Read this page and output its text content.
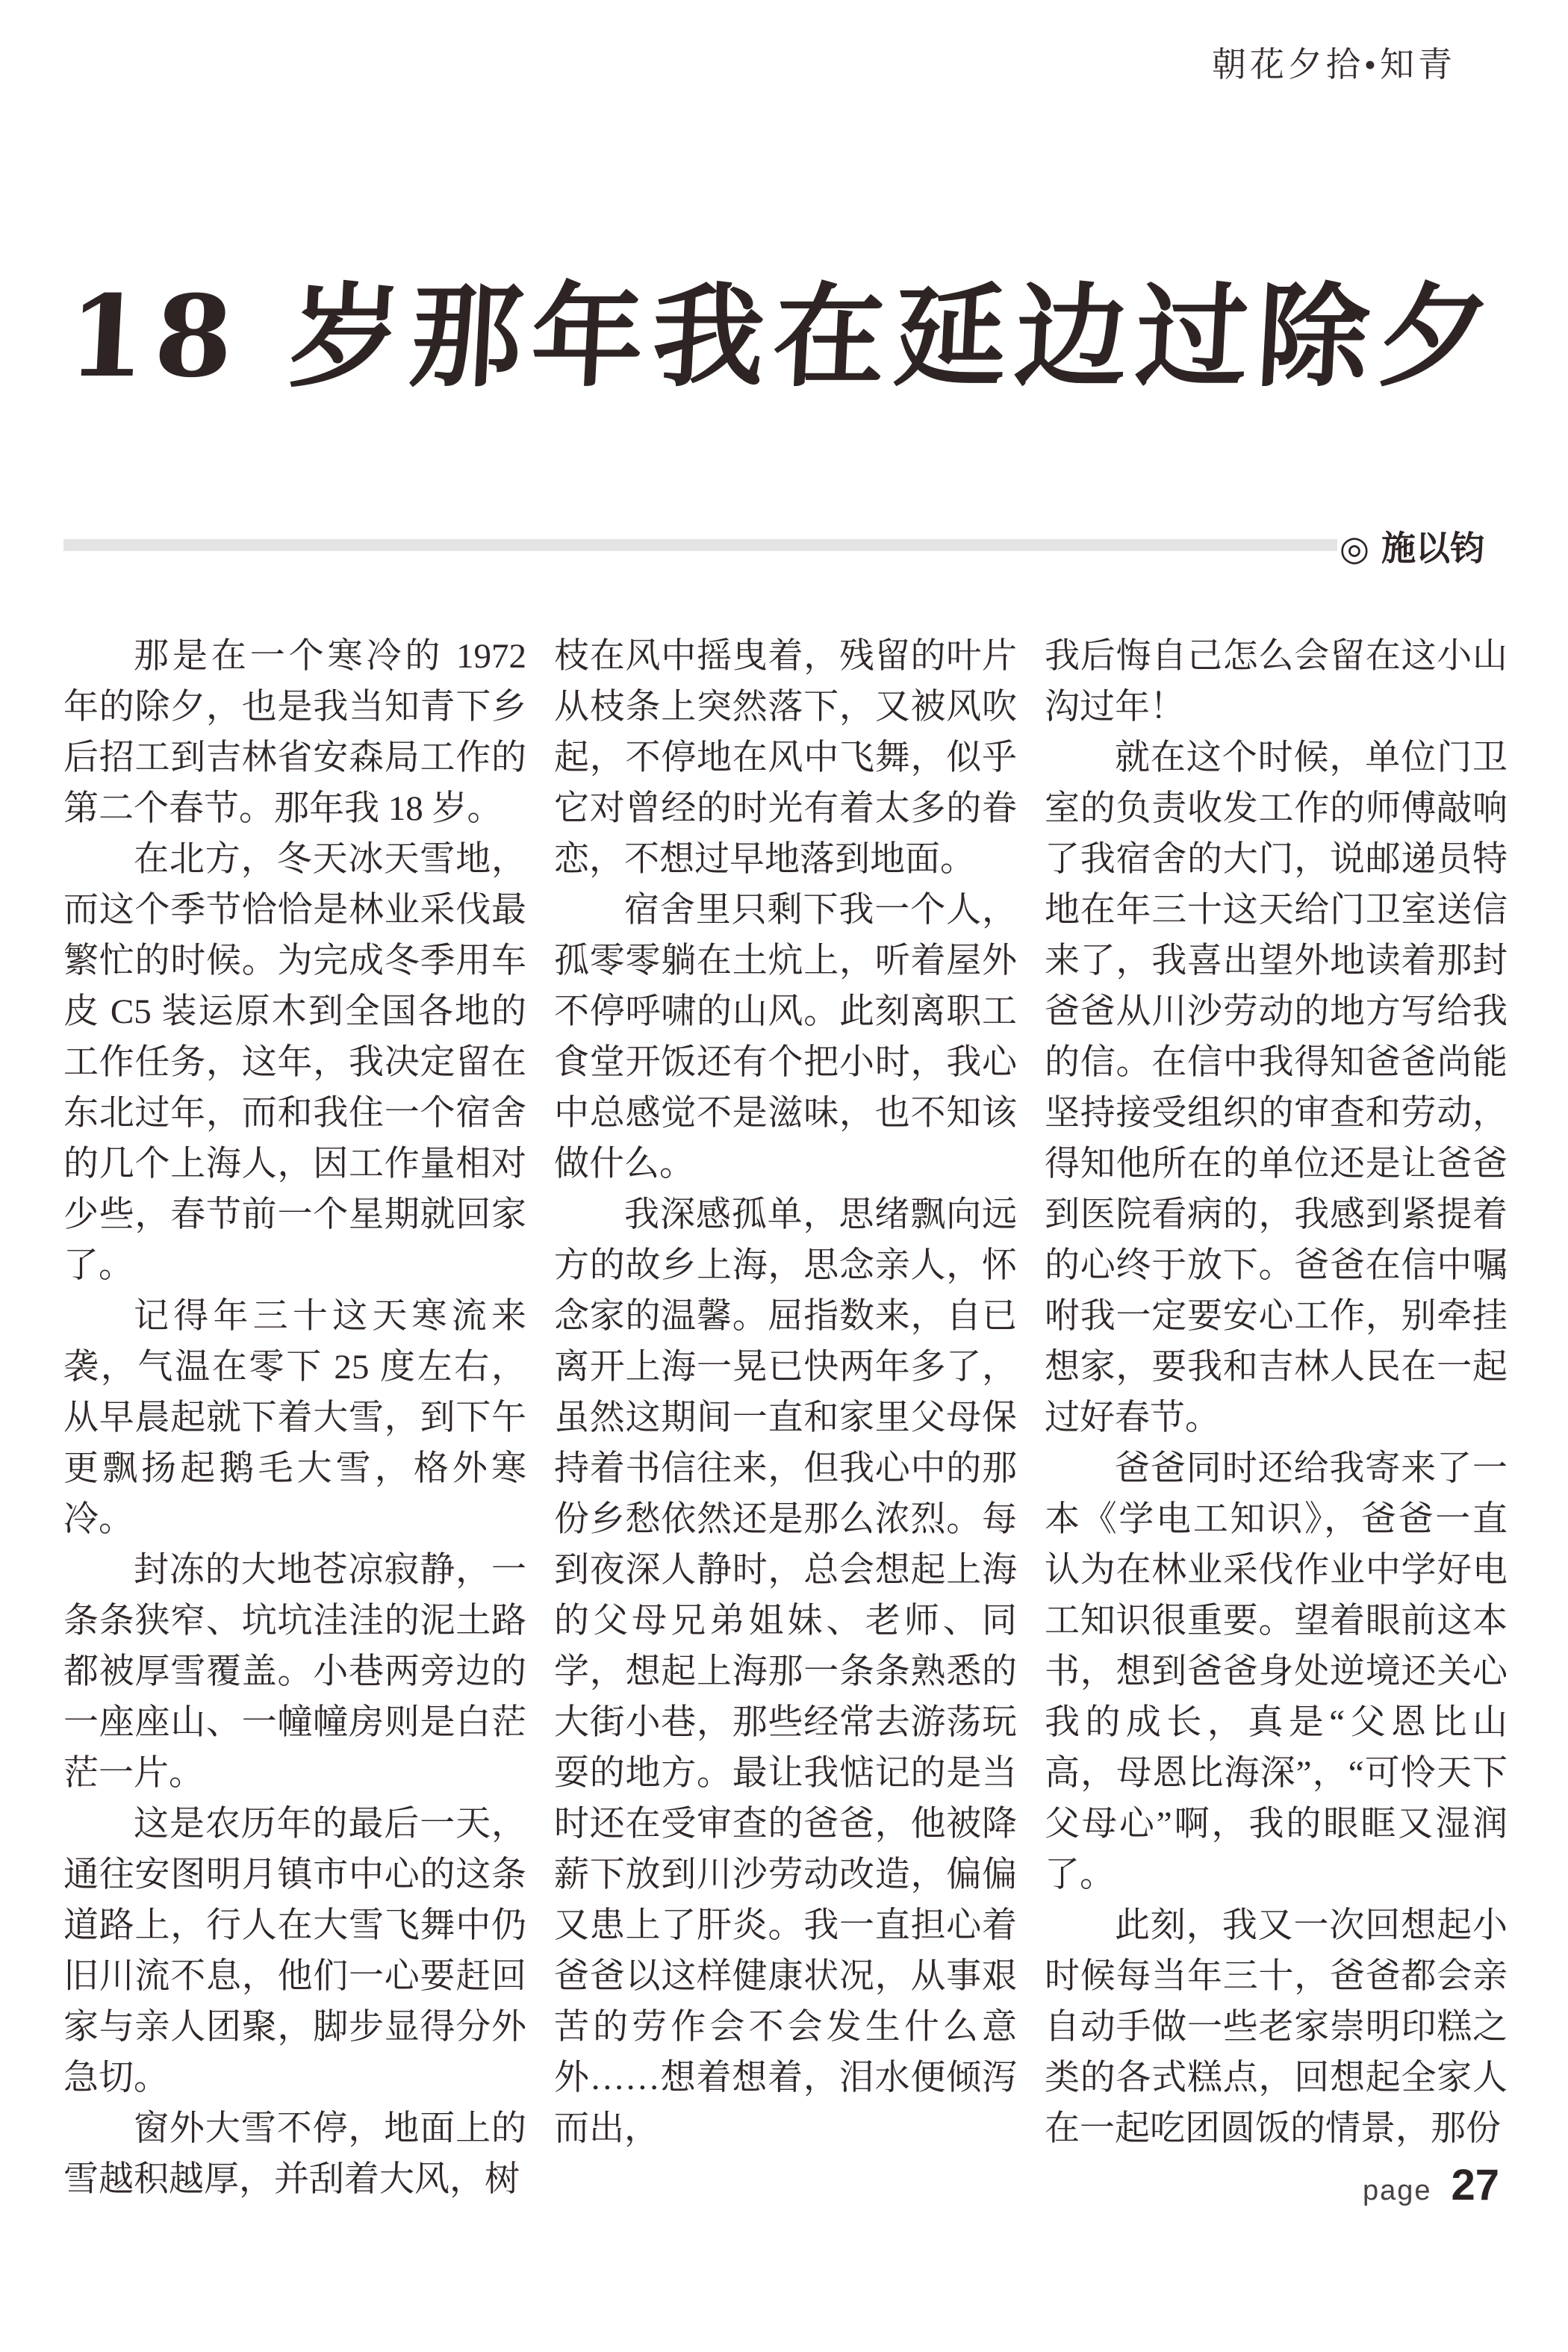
朝花夕拾•知青
18 岁那年我在延边过除夕
◎ 施以钧

那是在一个寒冷的 1972 年的除夕，也是我当知青下乡后招工到吉林省安森局工作的第二个春节。那年我 18 岁。

在北方，冬天冰天雪地，而这个季节恰恰是林业采伐最繁忙的时候。为完成冬季用车皮 C5 装运原木到全国各地的工作任务，这年，我决定留在东北过年，而和我住一个宿舍的几个上海人，因工作量相对少些，春节前一个星期就回家了。

记得年三十这天寒流来袭，气温在零下 25 度左右，从早晨起就下着大雪，到下午更飘扬起鹅毛大雪，格外寒冷。

封冻的大地苍凉寂静，一条条狭窄、坑坑洼洼的泥土路都被厚雪覆盖。小巷两旁边的一座座山、一幢幢房则是白茫茫一片。

这是农历年的最后一天，通往安图明月镇市中心的这条道路上，行人在大雪飞舞中仍旧川流不息，他们一心要赶回家与亲人团聚，脚步显得分外急切。

窗外大雪不停，地面上的雪越积越厚，并刮着大风，树

枝在风中摇曳着，残留的叶片从枝条上突然落下，又被风吹起，不停地在风中飞舞，似乎它对曾经的时光有着太多的眷恋，不想过早地落到地面。

宿舍里只剩下我一个人，孤零零躺在土炕上，听着屋外不停呼啸的山风。此刻离职工食堂开饭还有个把小时，我心中总感觉不是滋味，也不知该做什么。

我深感孤单，思绪飘向远方的故乡上海，思念亲人，怀念家的温馨。屈指数来，自已离开上海一晃已快两年多了，虽然这期间一直和家里父母保持着书信往来，但我心中的那份乡愁依然还是那么浓烈。每到夜深人静时，总会想起上海的父母兄弟姐妹、老师、同学，想起上海那一条条熟悉的大街小巷，那些经常去游荡玩耍的地方。最让我惦记的是当时还在受审查的爸爸，他被降薪下放到川沙劳动改造，偏偏又患上了肝炎。我一直担心着爸爸以这样健康状况，从事艰苦的劳作会不会发生什么意外……想着想着，泪水便倾泻而出，

我后悔自己怎么会留在这小山沟过年！

就在这个时候，单位门卫室的负责收发工作的师傅敲响了我宿舍的大门，说邮递员特地在年三十这天给门卫室送信来了，我喜出望外地读着那封爸爸从川沙劳动的地方写给我的信。在信中我得知爸爸尚能坚持接受组织的审查和劳动，得知他所在的单位还是让爸爸到医院看病的，我感到紧提着的心终于放下。爸爸在信中嘱咐我一定要安心工作，别牵挂想家，要我和吉林人民在一起过好春节。

爸爸同时还给我寄来了一本《学电工知识》，爸爸一直认为在林业采伐作业中学好电工知识很重要。望着眼前这本书，想到爸爸身处逆境还关心我的成长，真是“父恩比山高，母恩比海深”，“可怜天下父母心”啊，我的眼眶又湿润了。

此刻，我又一次回想起小时候每当年三十，爸爸都会亲自动手做一些老家崇明印糕之类的各式糕点，回想起全家人在一起吃团圆饭的情景，那份

page 27
